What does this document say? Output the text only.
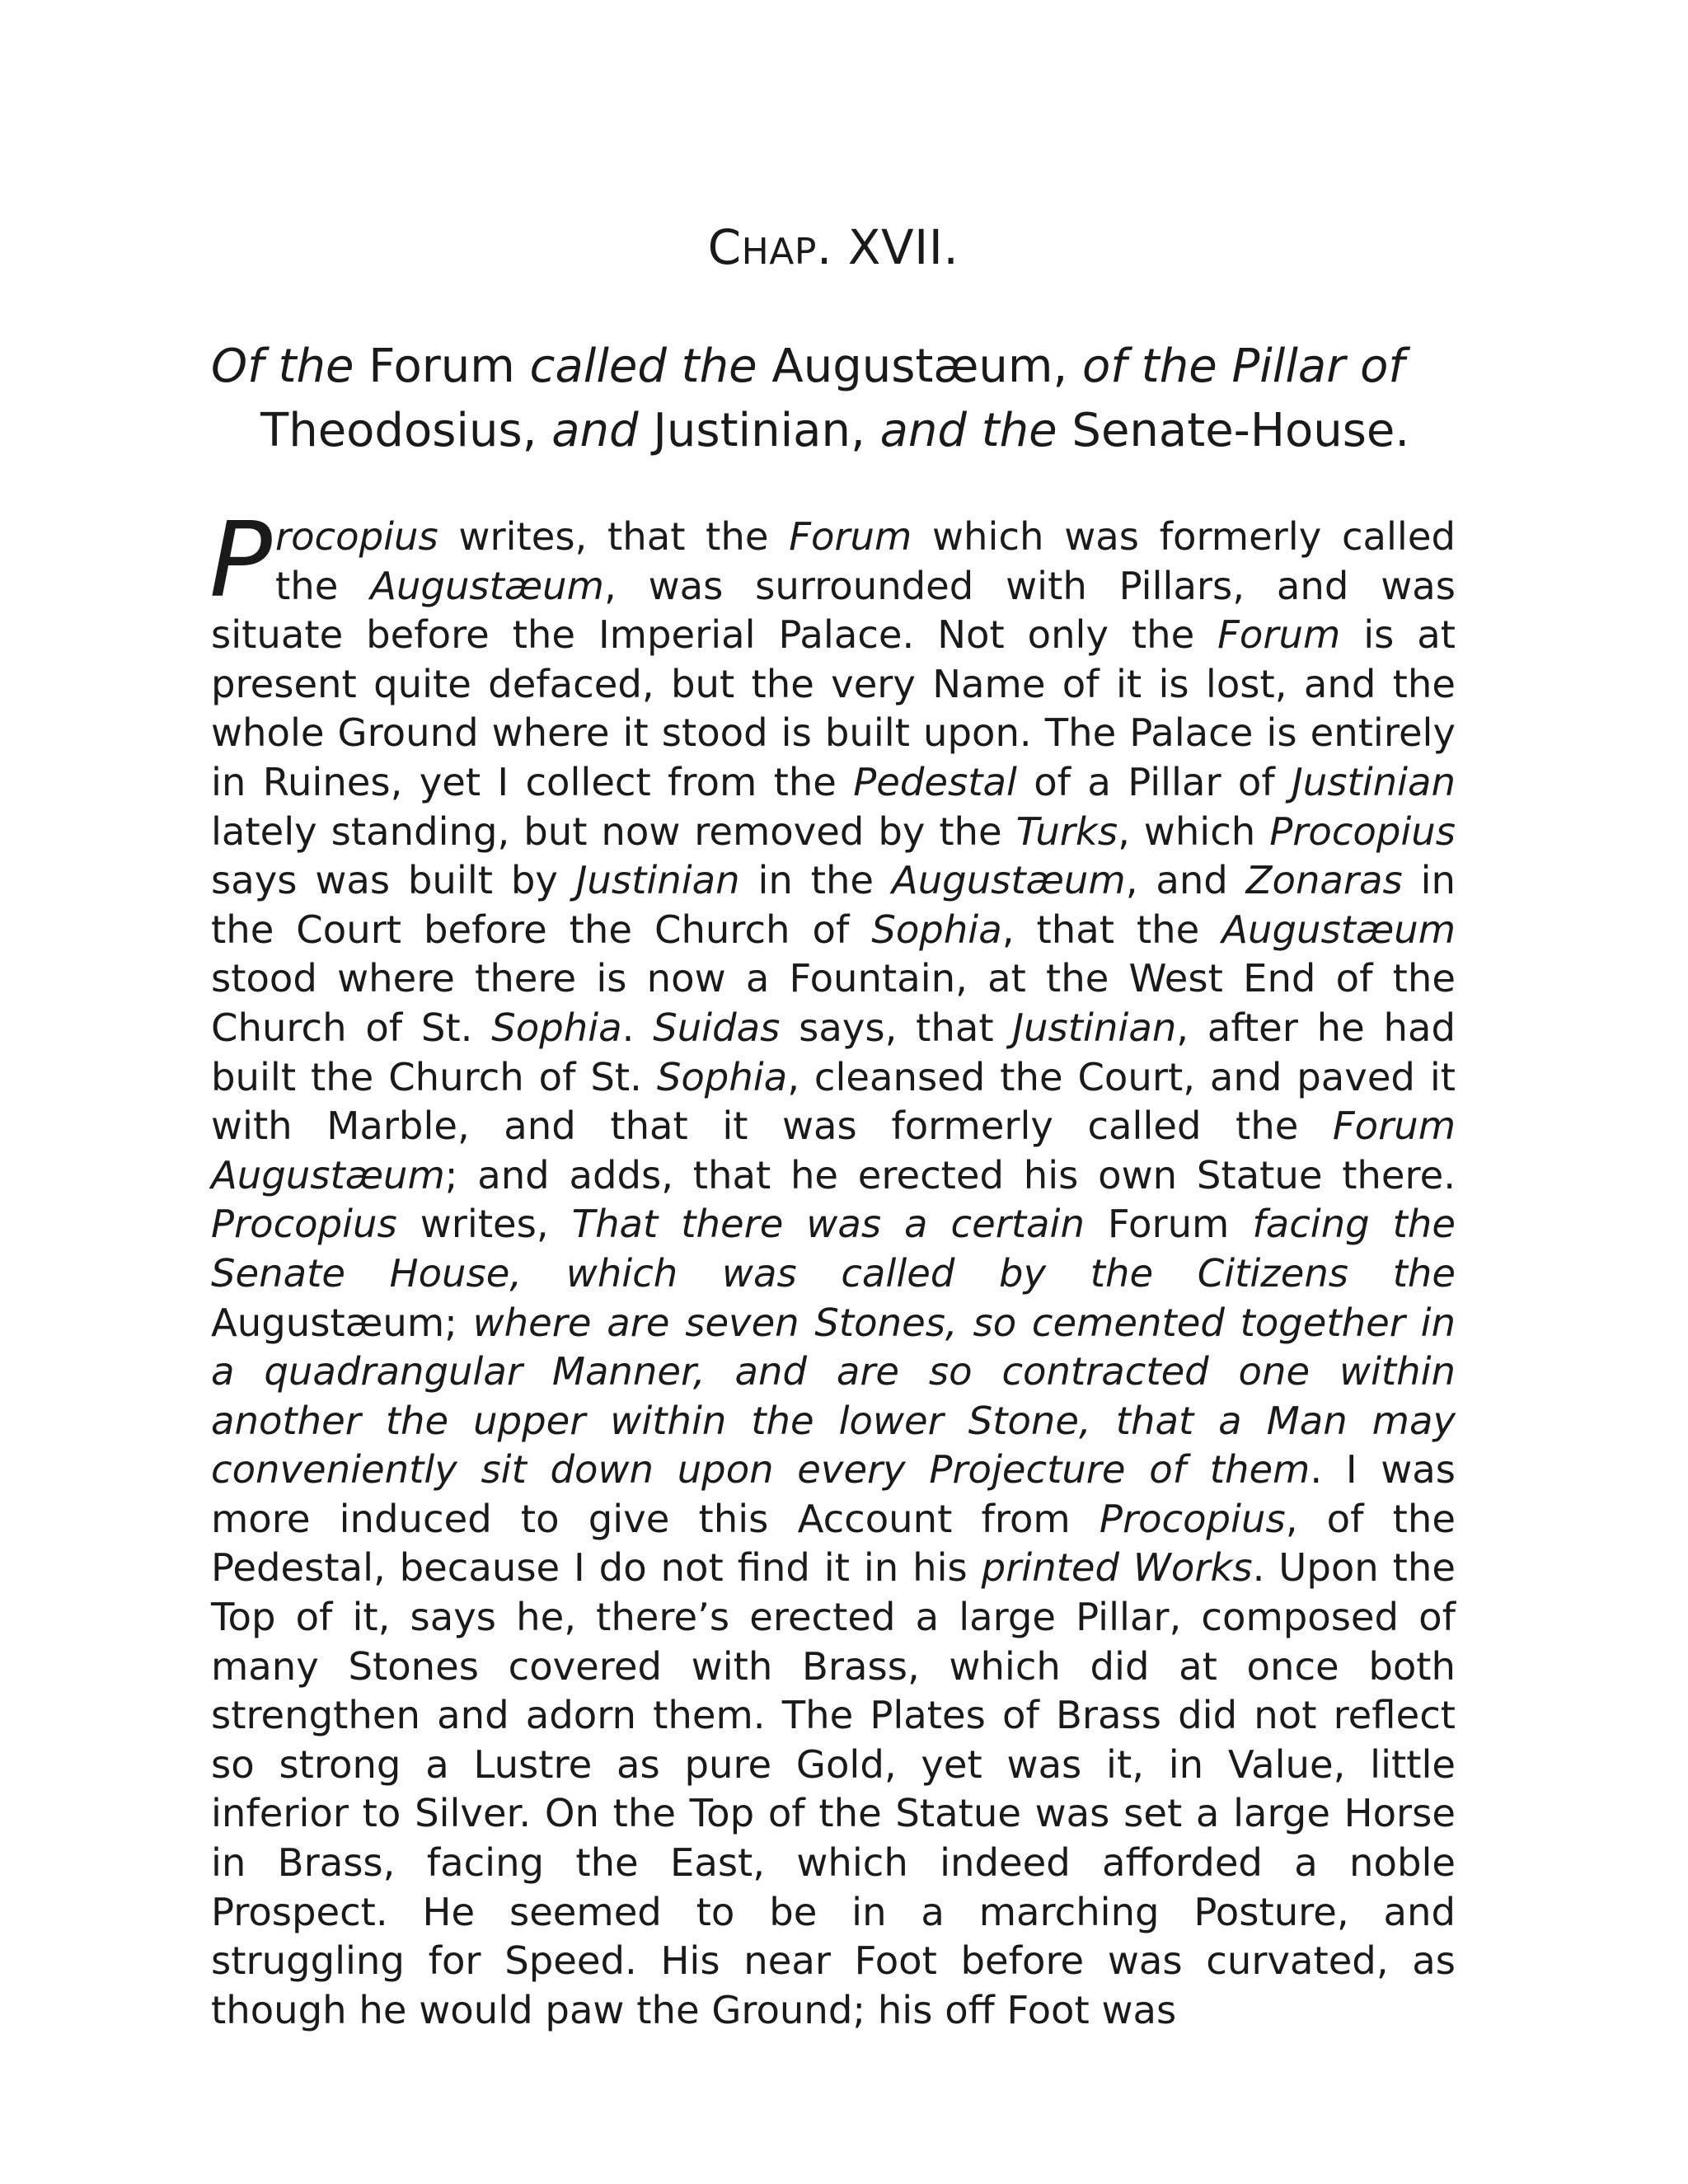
CHAP. XVII.
Of the Forum called the Augustæum, of the Pillar of Theodosius, and Justinian, and the Senate-House.

Procopius writes, that the Forum which was formerly called the Augustæum, was surrounded with Pillars, and was situate before the Imperial Palace. Not only the Forum is at present quite defaced, but the very Name of it is lost, and the whole Ground where it stood is built upon. The Palace is entirely in Ruines, yet I collect from the Pedestal of a Pillar of Justinian lately standing, but now removed by the Turks, which Procopius says was built by Justinian in the Augustæum, and Zonaras in the Court before the Church of Sophia, that the Augustæum stood where there is now a Fountain, at the West End of the Church of St. Sophia. Suidas says, that Justinian, after he had built the Church of St. Sophia, cleansed the Court, and paved it with Marble, and that it was formerly called the Forum Augustæum; and adds, that he erected his own Statue there. Procopius writes, That there was a certain Forum facing the Senate House, which was called by the Citizens the Augustæum; where are seven Stones, so cemented together in a quadrangular Manner, and are so contracted one within another the upper within the lower Stone, that a Man may conveniently sit down upon every Projecture of them. I was more induced to give this Account from Procopius, of the Pedestal, because I do not find it in his printed Works. Upon the Top of it, says he, there’s erected a large Pillar, composed of many Stones covered with Brass, which did at once both strengthen and adorn them. The Plates of Brass did not reflect so strong a Lustre as pure Gold, yet was it, in Value, little inferior to Silver. On the Top of the Statue was set a large Horse in Brass, facing the East, which indeed afforded a noble Prospect. He seemed to be in a marching Posture, and struggling for Speed. His near Foot before was curvated, as though he would paw the Ground; his off Foot was
